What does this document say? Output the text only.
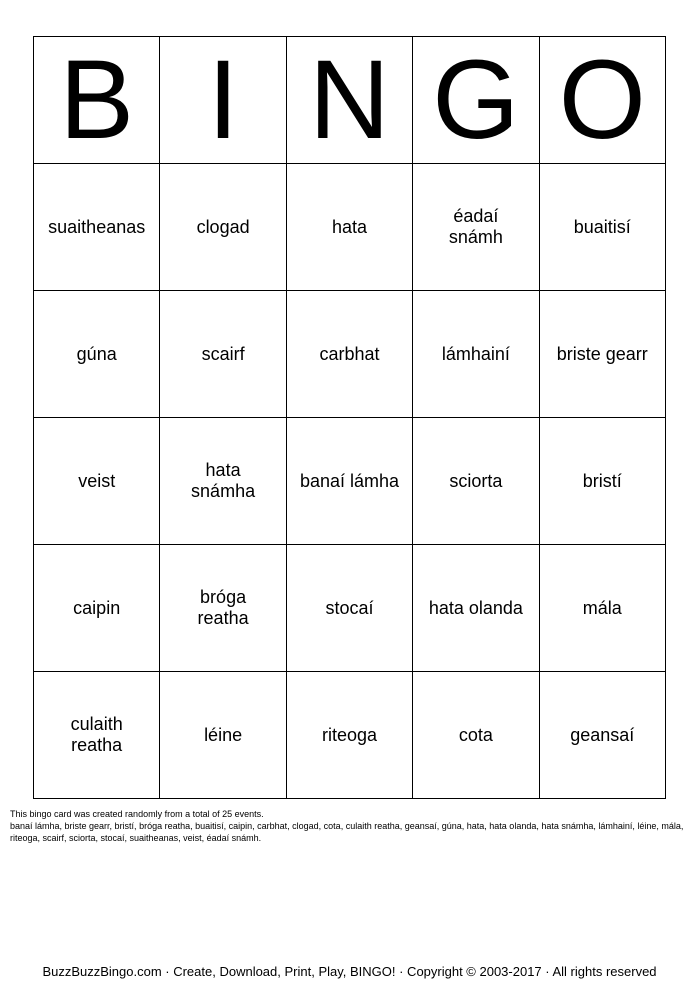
B	I	N	G	O
suaitheanas	clogad	hata	éadaí snámh	buaitisí
gúna	scairf	carbhat	lámhainí	briste gearr
veist	hata snámha	banaí lámha	sciorta	bristí
caipin	bróga reatha	stocaí	hata olanda	mála
culaith reatha	léine	riteoga	cota	geansaí
This bingo card was created randomly from a total of 25 events.
banaí lámha, briste gearr, bristí, bróga reatha, buaitisí, caipin, carbhat, clogad, cota, culaith reatha, geansaí, gúna, hata, hata olanda, hata snámha, lámhainí, léine, mála, riteoga, scairf, sciorta, stocaí, suaitheanas, veist, éadaí snámh.
BuzzBuzzBingo.com · Create, Download, Print, Play, BINGO! · Copyright © 2003-2017 · All rights reserved
